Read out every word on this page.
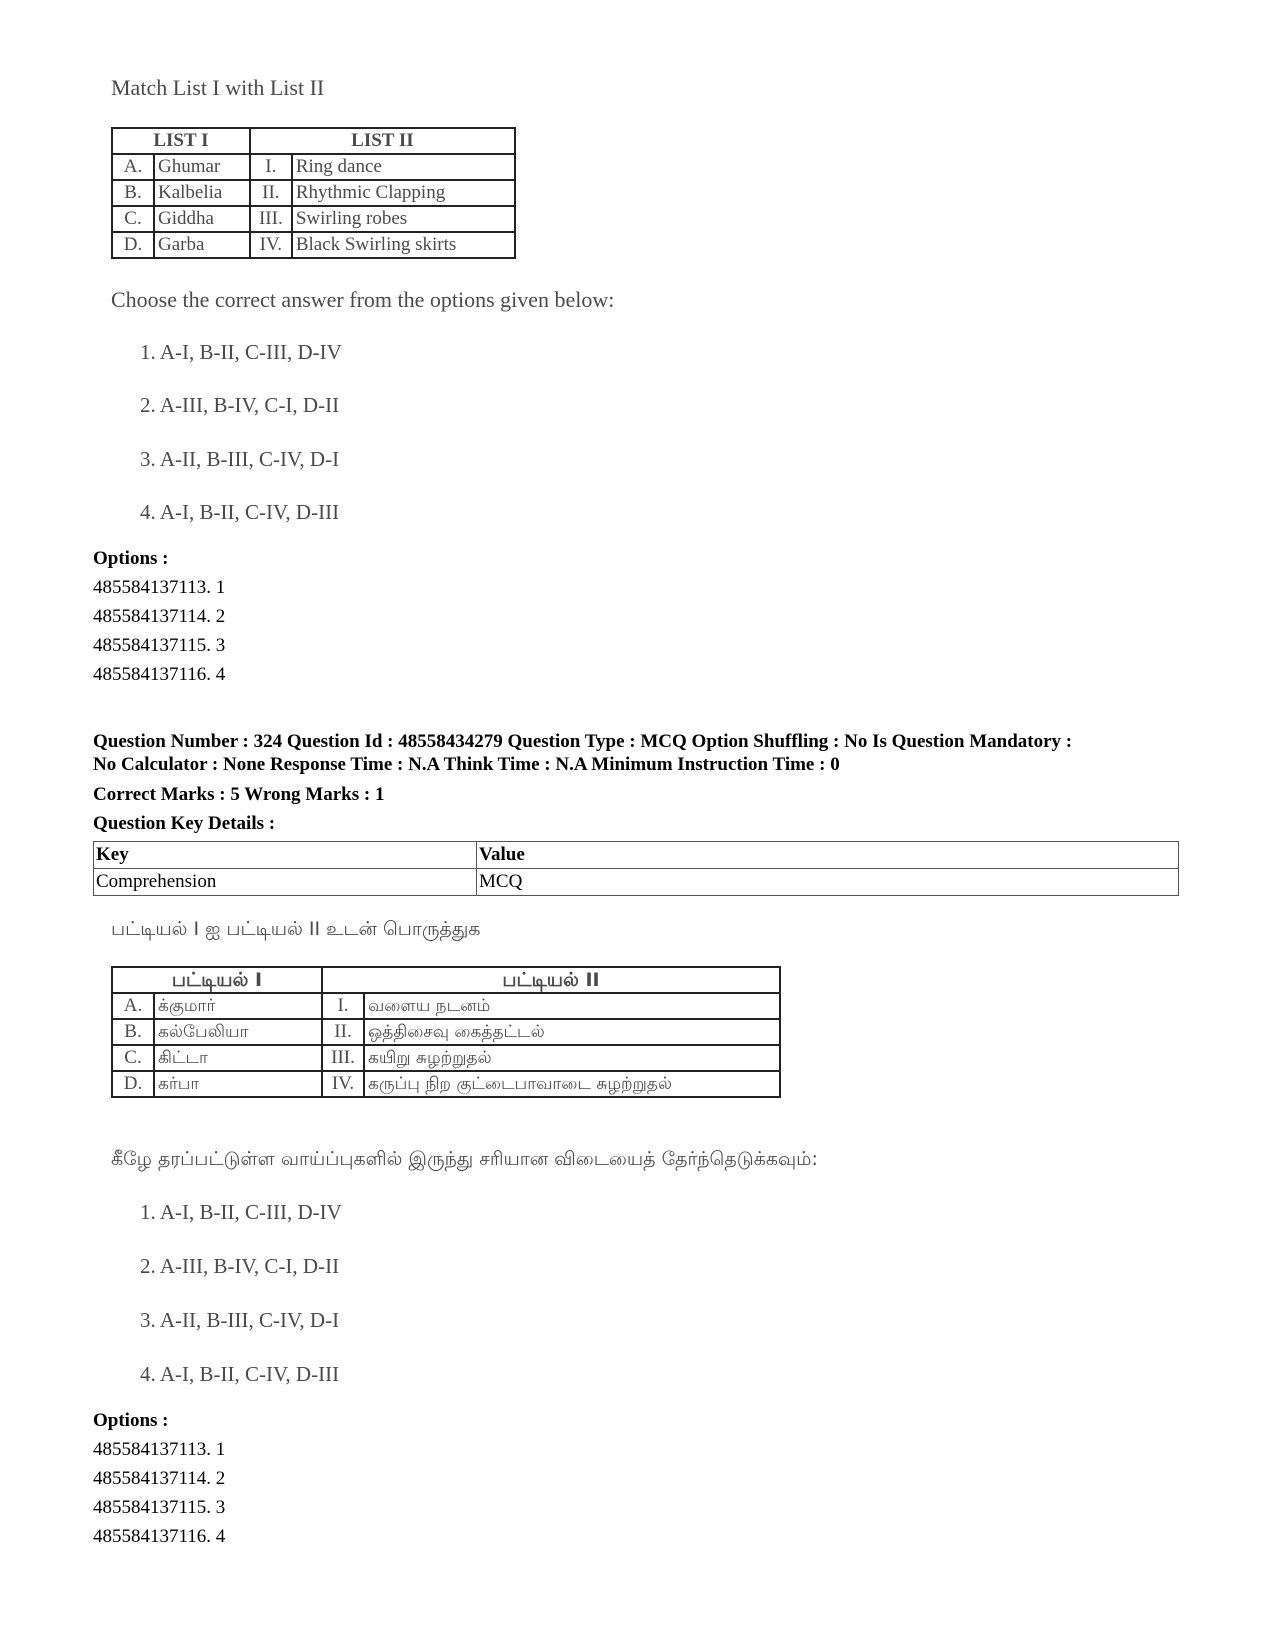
Match List I with List II
LIST I		LIST II	
A.	Ghumar	I.	Ring dance
B.	Kalbelia	II.	Rhythmic Clapping
C.	Giddha	III.	Swirling robes
D.	Garba	IV.	Black Swirling skirts
Choose the correct answer from the options given below:
1. A-I, B-II, C-III, D-IV
2. A-III, B-IV, C-I, D-II
3. A-II, B-III, C-IV, D-I
4. A-I, B-II, C-IV, D-III
Options :
485584137113. 1
485584137114. 2
485584137115. 3
485584137116. 4
Question Number : 324 Question Id : 48558434279 Question Type : MCQ Option Shuffling : No Is Question Mandatory :
No Calculator : None Response Time : N.A Think Time : N.A Minimum Instruction Time : 0
Correct Marks : 5 Wrong Marks : 1
Question Key Details :
Key	Value
Comprehension	MCQ
பட்டியல் I ஐ பட்டியல் II உடன் பொருத்துக
பட்டியல் I		பட்டியல் II	
A.	க்குமார்	I.	வளைய நடனம்
B.	கல்பேலியா	II.	ஒத்திசைவு கைத்தட்டல்
C.	கிட்டா	III.	கயிறு சுழற்றுதல்
D.	கர்பா	IV.	கருப்பு நிற குட்டைபாவாடை சுழற்றுதல்
கீழே தரப்பட்டுள்ள வாய்ப்புகளில் இருந்து சரியான விடையைத் தேர்ந்தெடுக்கவும்:
1. A-I, B-II, C-III, D-IV
2. A-III, B-IV, C-I, D-II
3. A-II, B-III, C-IV, D-I
4. A-I, B-II, C-IV, D-III
Options :
485584137113. 1
485584137114. 2
485584137115. 3
485584137116. 4
